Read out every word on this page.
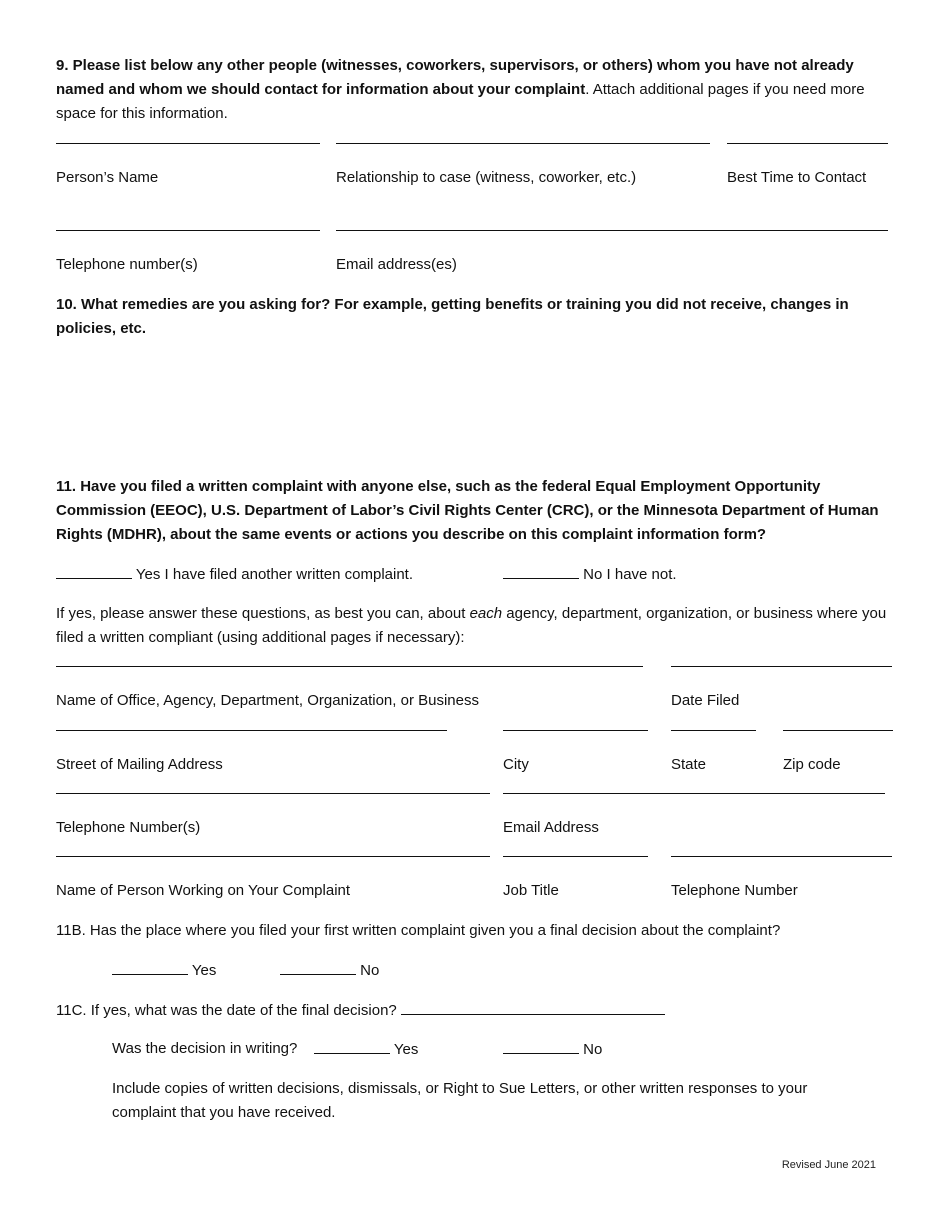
9. Please list below any other people (witnesses, coworkers, supervisors, or others) whom you have not already named and whom we should contact for information about your complaint. Attach additional pages if you need more space for this information.
Person’s Name	Relationship to case (witness, coworker, etc.)	Best Time to Contact
Telephone number(s)	Email address(es)
10. What remedies are you asking for? For example, getting benefits or training you did not receive, changes in policies, etc.
11. Have you filed a written complaint with anyone else, such as the federal Equal Employment Opportunity Commission (EEOC), U.S. Department of Labor’s Civil Rights Center (CRC), or the Minnesota Department of Human Rights (MDHR), about the same events or actions you describe on this complaint information form?
Yes I have filed another written complaint.	No I have not.
If yes, please answer these questions, as best you can, about each agency, department, organization, or business where you filed a written compliant (using additional pages if necessary):
Name of Office, Agency, Department, Organization, or Business	Date Filed
Street of Mailing Address	City	State	Zip code
Telephone Number(s)	Email Address
Name of Person Working on Your Complaint	Job Title	Telephone Number
11B. Has the place where you filed your first written complaint given you a final decision about the complaint?
Yes	No
11C. If yes, what was the date of the final decision?
Was the decision in writing?	Yes	No
Include copies of written decisions, dismissals, or Right to Sue Letters, or other written responses to your complaint that you have received.
Revised June 2021
